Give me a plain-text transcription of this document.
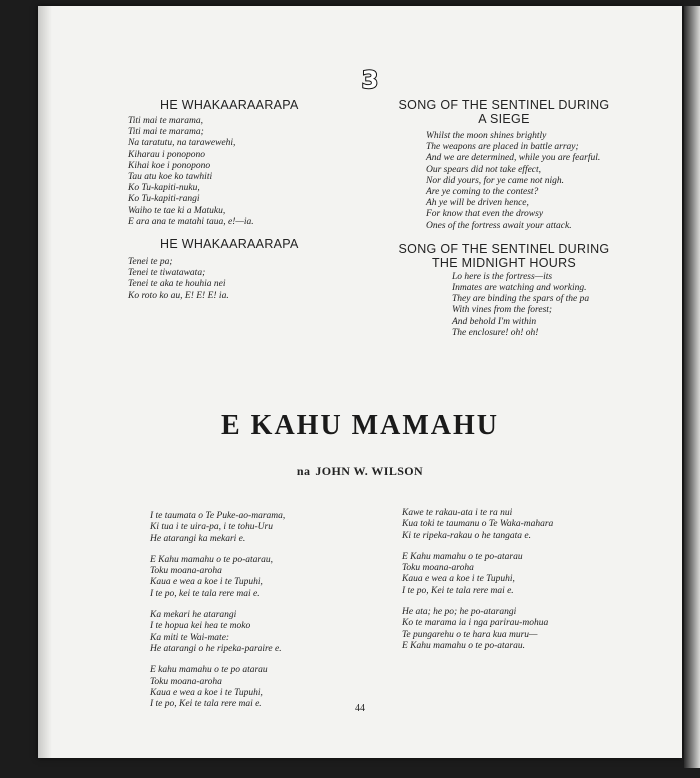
3
HE WHAKAARAARAPA
Titi mai te marama,
Titi mai te marama;
Na taratutu, na tarawewehi,
Kiharau i ponopono
Kihai koe i ponopono
Tau atu koe ko tawhiti
Ko Tu-kapiti-nuku,
Ko Tu-kapiti-rangi
Waiho te tae ki a Matuku,
E ara ana te matahi taua, e!—ia.
HE WHAKAARAARAPA
Tenei te pa;
Tenei te tiwatawata;
Tenei te aka te houhia nei
Ko roto ko au, E! E! E! ia.
SONG OF THE SENTINEL DURING
A SIEGE
Whilst the moon shines brightly
The weapons are placed in battle array;
And we are determined, while you are fearful.
Our spears did not take effect,
Nor did yours, for ye came not nigh.
Are ye coming to the contest?
Ah ye will be driven hence,
For know that even the drowsy
Ones of the fortress await your attack.
SONG OF THE SENTINEL DURING
THE MIDNIGHT HOURS
Lo here is the fortress—its
Inmates are watching and working.
They are binding the spars of the pa
With vines from the forest;
And behold I'm within
The enclosure! oh! oh!
E KAHU MAMAHU
na JOHN W. WILSON
I te taumata o Te Puke-ao-marama,
Ki tua i te uira-pa, i te tohu-Uru
He atarangi ka mekari e.
E Kahu mamahu o te po-atarau,
Toku moana-aroha
Kaua e wea a koe i te Tupuhi,
I te po, kei te tala rere mai e.
Ka mekari he atarangi
I te hopua kei hea te moko
Ka miti te Wai-mate:
He atarangi o he ripeka-paraire e.
E kahu mamahu o te po atarau
Toku moana-aroha
Kaua e wea a koe i te Tupuhi,
I te po, Kei te tala rere mai e.
Kawe te rakau-ata i te ra nui
Kua toki te taumanu o Te Waka-mahara
Ki te ripeka-rakau o he tangata e.
E Kahu mamahu o te po-atarau
Toku moana-aroha
Kaua e wea a koe i te Tupuhi,
I te po, Kei te tala rere mai e.
He ata; he po; he po-atarangi
Ko te marama ia i nga parirau-mohua
Te pungarehu o te hara kua muru—
E Kahu mamahu o te po-atarau.
44
